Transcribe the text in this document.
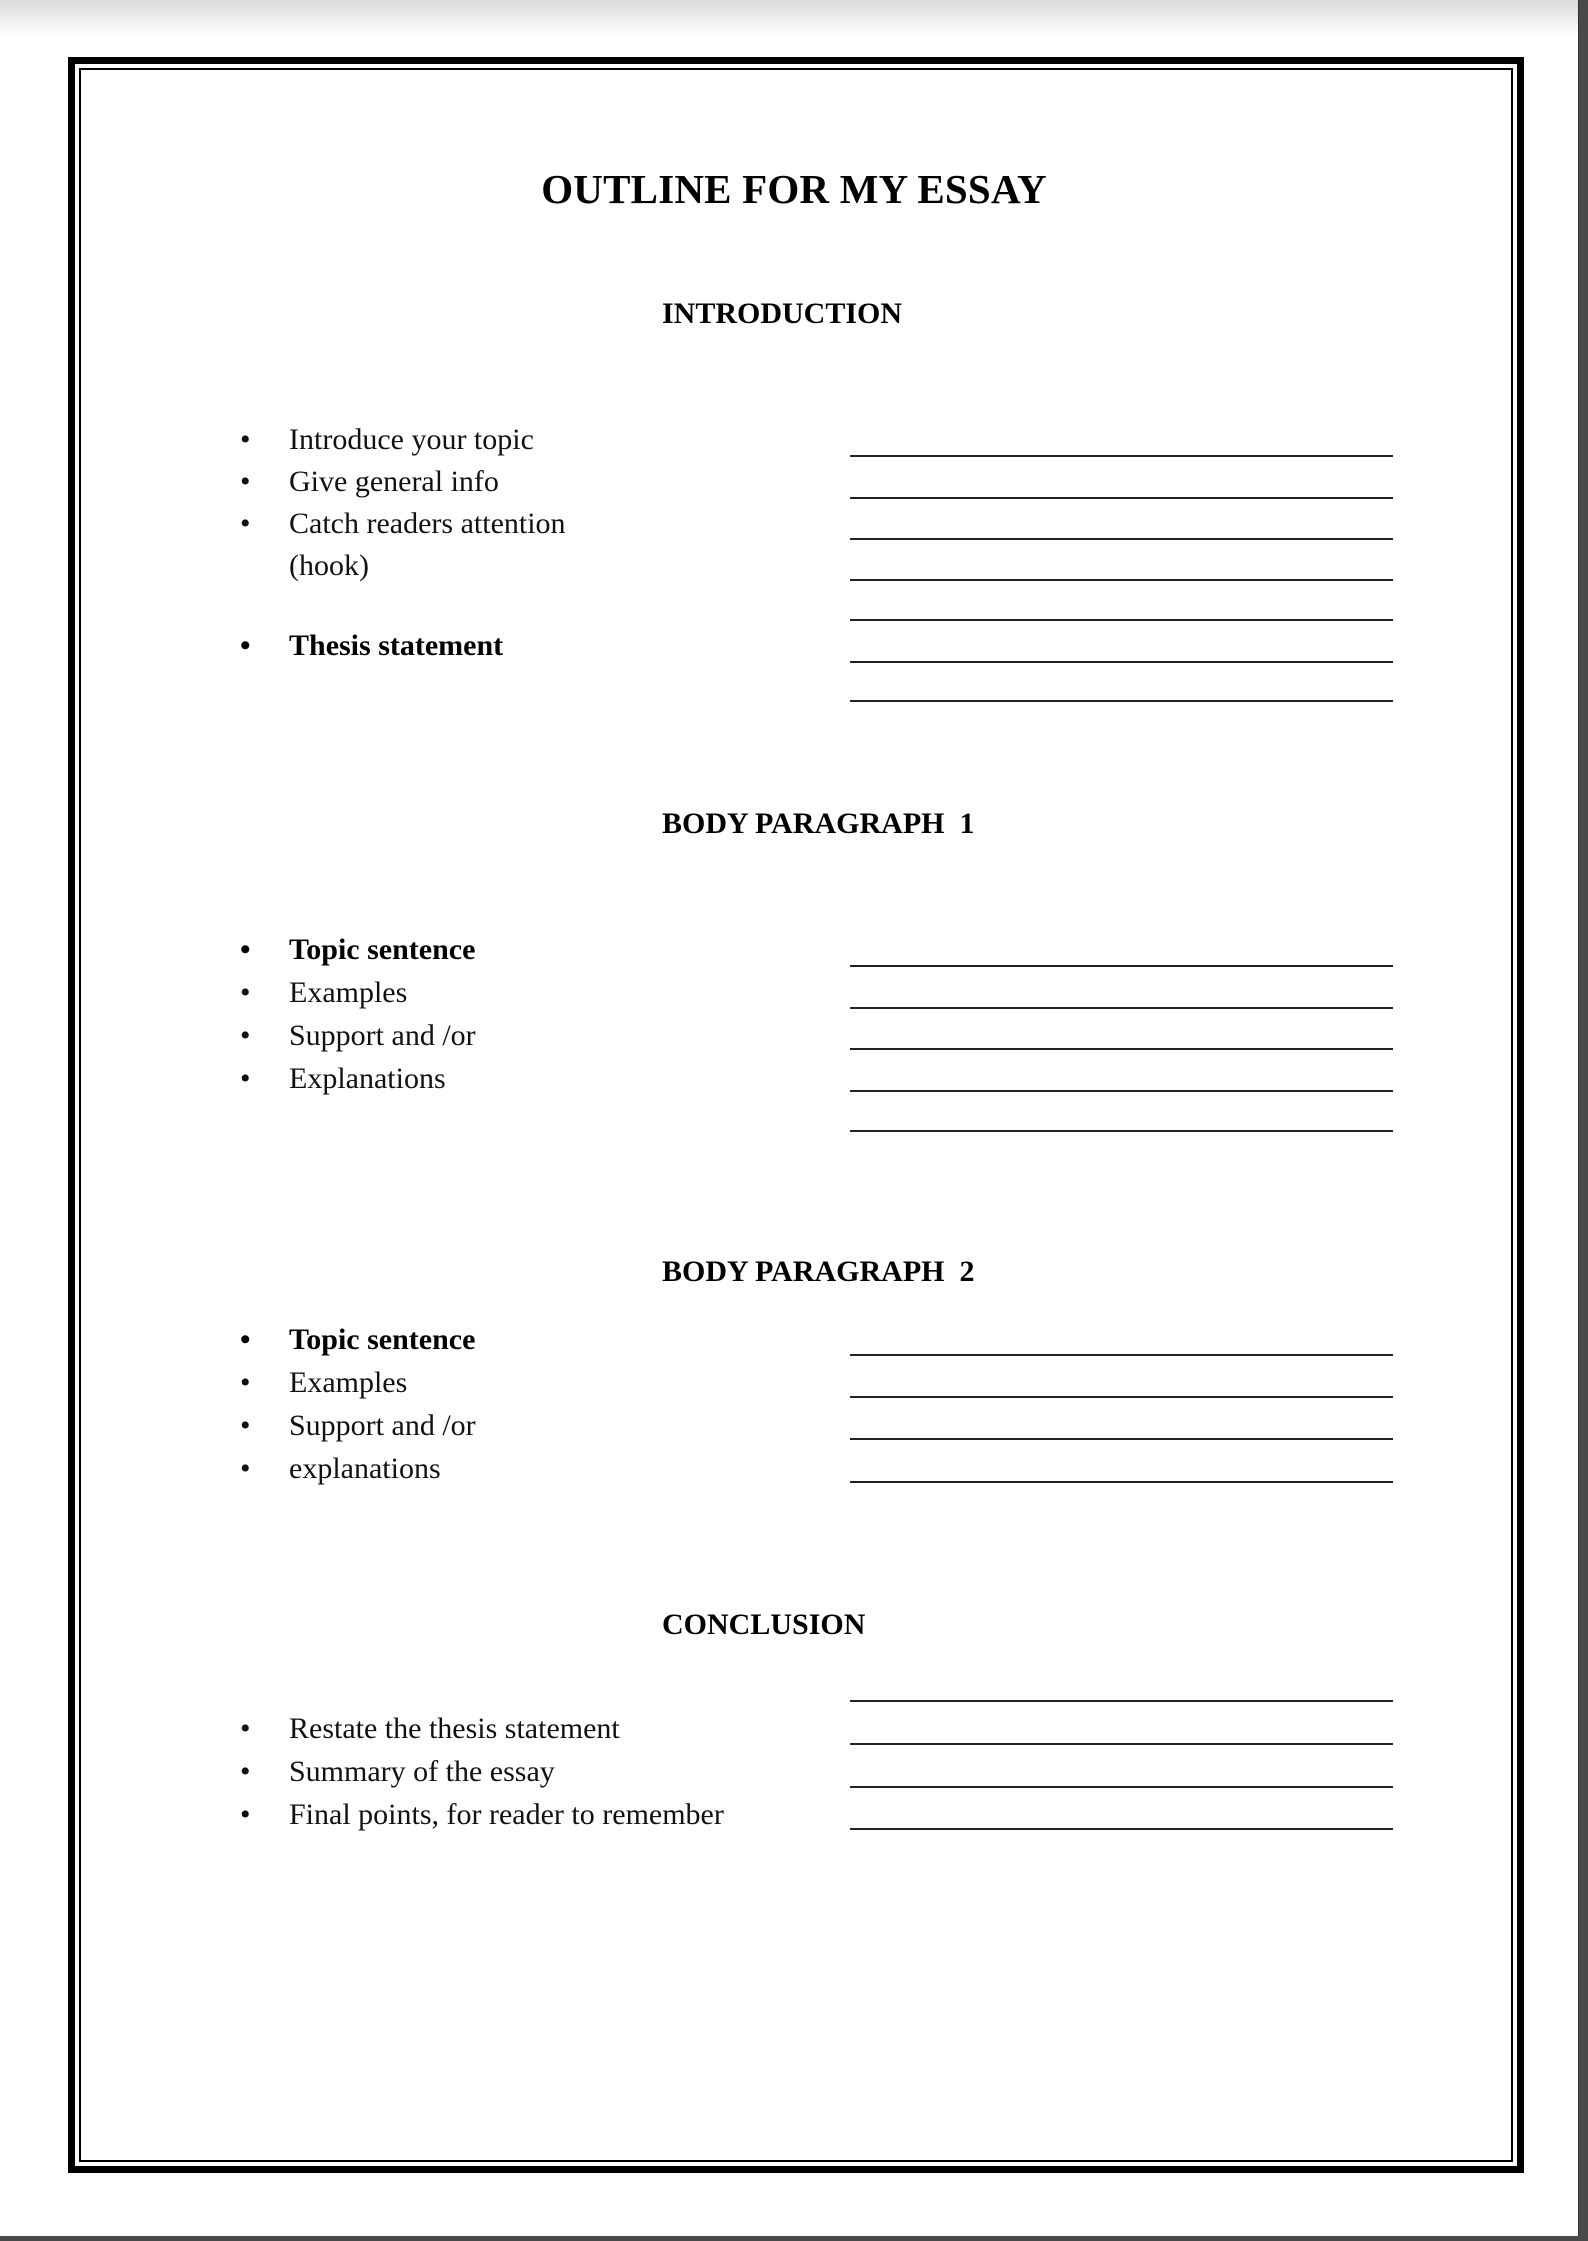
OUTLINE FOR MY ESSAY
INTRODUCTION
• Introduce your topic
• Give general info
• Catch readers attention
(hook)
• Thesis statement
BODY PARAGRAPH  1
• Topic sentence
• Examples
• Support and /or
• Explanations
BODY PARAGRAPH  2
• Topic sentence
• Examples
• Support and /or
• explanations
CONCLUSION
• Restate the thesis statement
• Summary of the essay
• Final points, for reader to remember
